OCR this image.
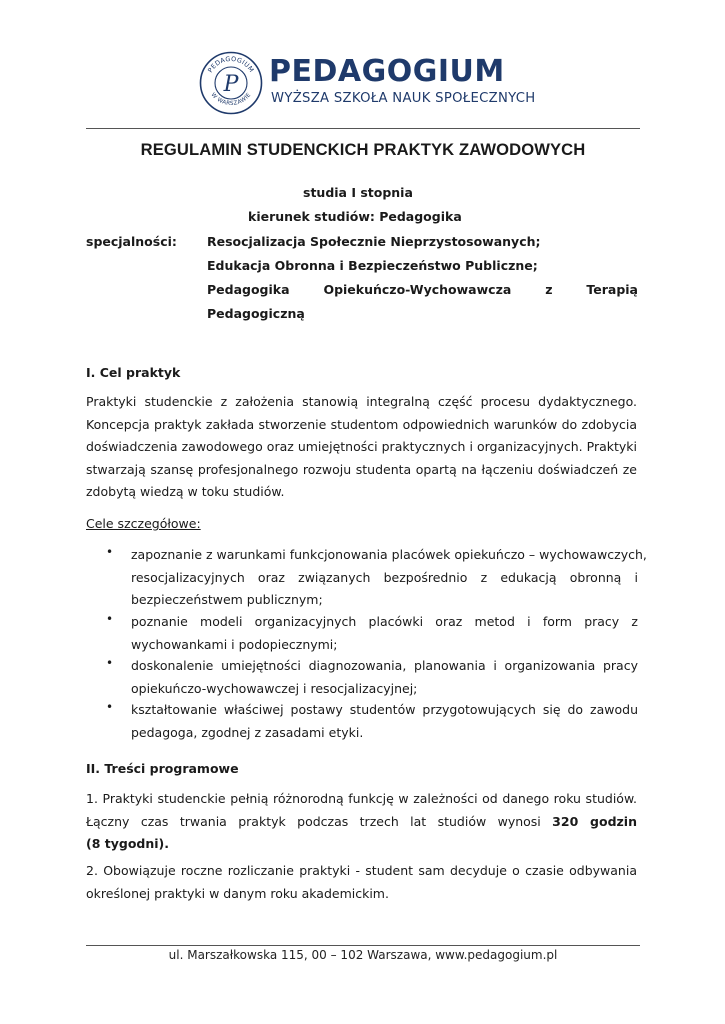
PEDAGOGIUM
W WARSZAWIE
P PEDAGOGIUM
WYŻSZA SZKOŁA NAUK SPOŁECZNYCH
REGULAMIN STUDENCKICH PRAKTYK ZAWODOWYCH
studia I stopnia
kierunek studiów: Pedagogika
specjalności: Resocjalizacja Społecznie Nieprzystosowanych;
Edukacja Obronna i Bezpieczeństwo Publiczne;
Pedagogika Opiekuńczo-Wychowawcza z Terapią
Pedagogiczną
I. Cel praktyk
Praktyki studenckie z założenia stanowią integralną część procesu dydaktycznego.
Koncepcja praktyk zakłada stworzenie studentom odpowiednich warunków do zdobycia
doświadczenia zawodowego oraz umiejętności praktycznych i organizacyjnych. Praktyki
stwarzają szansę profesjonalnego rozwoju studenta opartą na łączeniu doświadczeń ze
zdobytą wiedzą w toku studiów.
Cele szczegółowe:
• zapoznanie z warunkami funkcjonowania placówek opiekuńczo – wychowawczych,
resocjalizacyjnych oraz związanych bezpośrednio z edukacją obronną i
bezpieczeństwem publicznym;
• poznanie modeli organizacyjnych placówki oraz metod i form pracy z
wychowankami i podopiecznymi;
• doskonalenie umiejętności diagnozowania, planowania i organizowania pracy
opiekuńczo-wychowawczej i resocjalizacyjnej;
• kształtowanie właściwej postawy studentów przygotowujących się do zawodu
pedagoga, zgodnej z zasadami etyki.
II. Treści programowe
1. Praktyki studenckie pełnią różnorodną funkcję w zależności od danego roku studiów.
Łączny czas trwania praktyk podczas trzech lat studiów wynosi 320 godzin
(8 tygodni).
2. Obowiązuje roczne rozliczanie praktyki - student sam decyduje o czasie odbywania
określonej praktyki w danym roku akademickim.
ul. Marszałkowska 115, 00 – 102 Warszawa, www.pedagogium.pl
